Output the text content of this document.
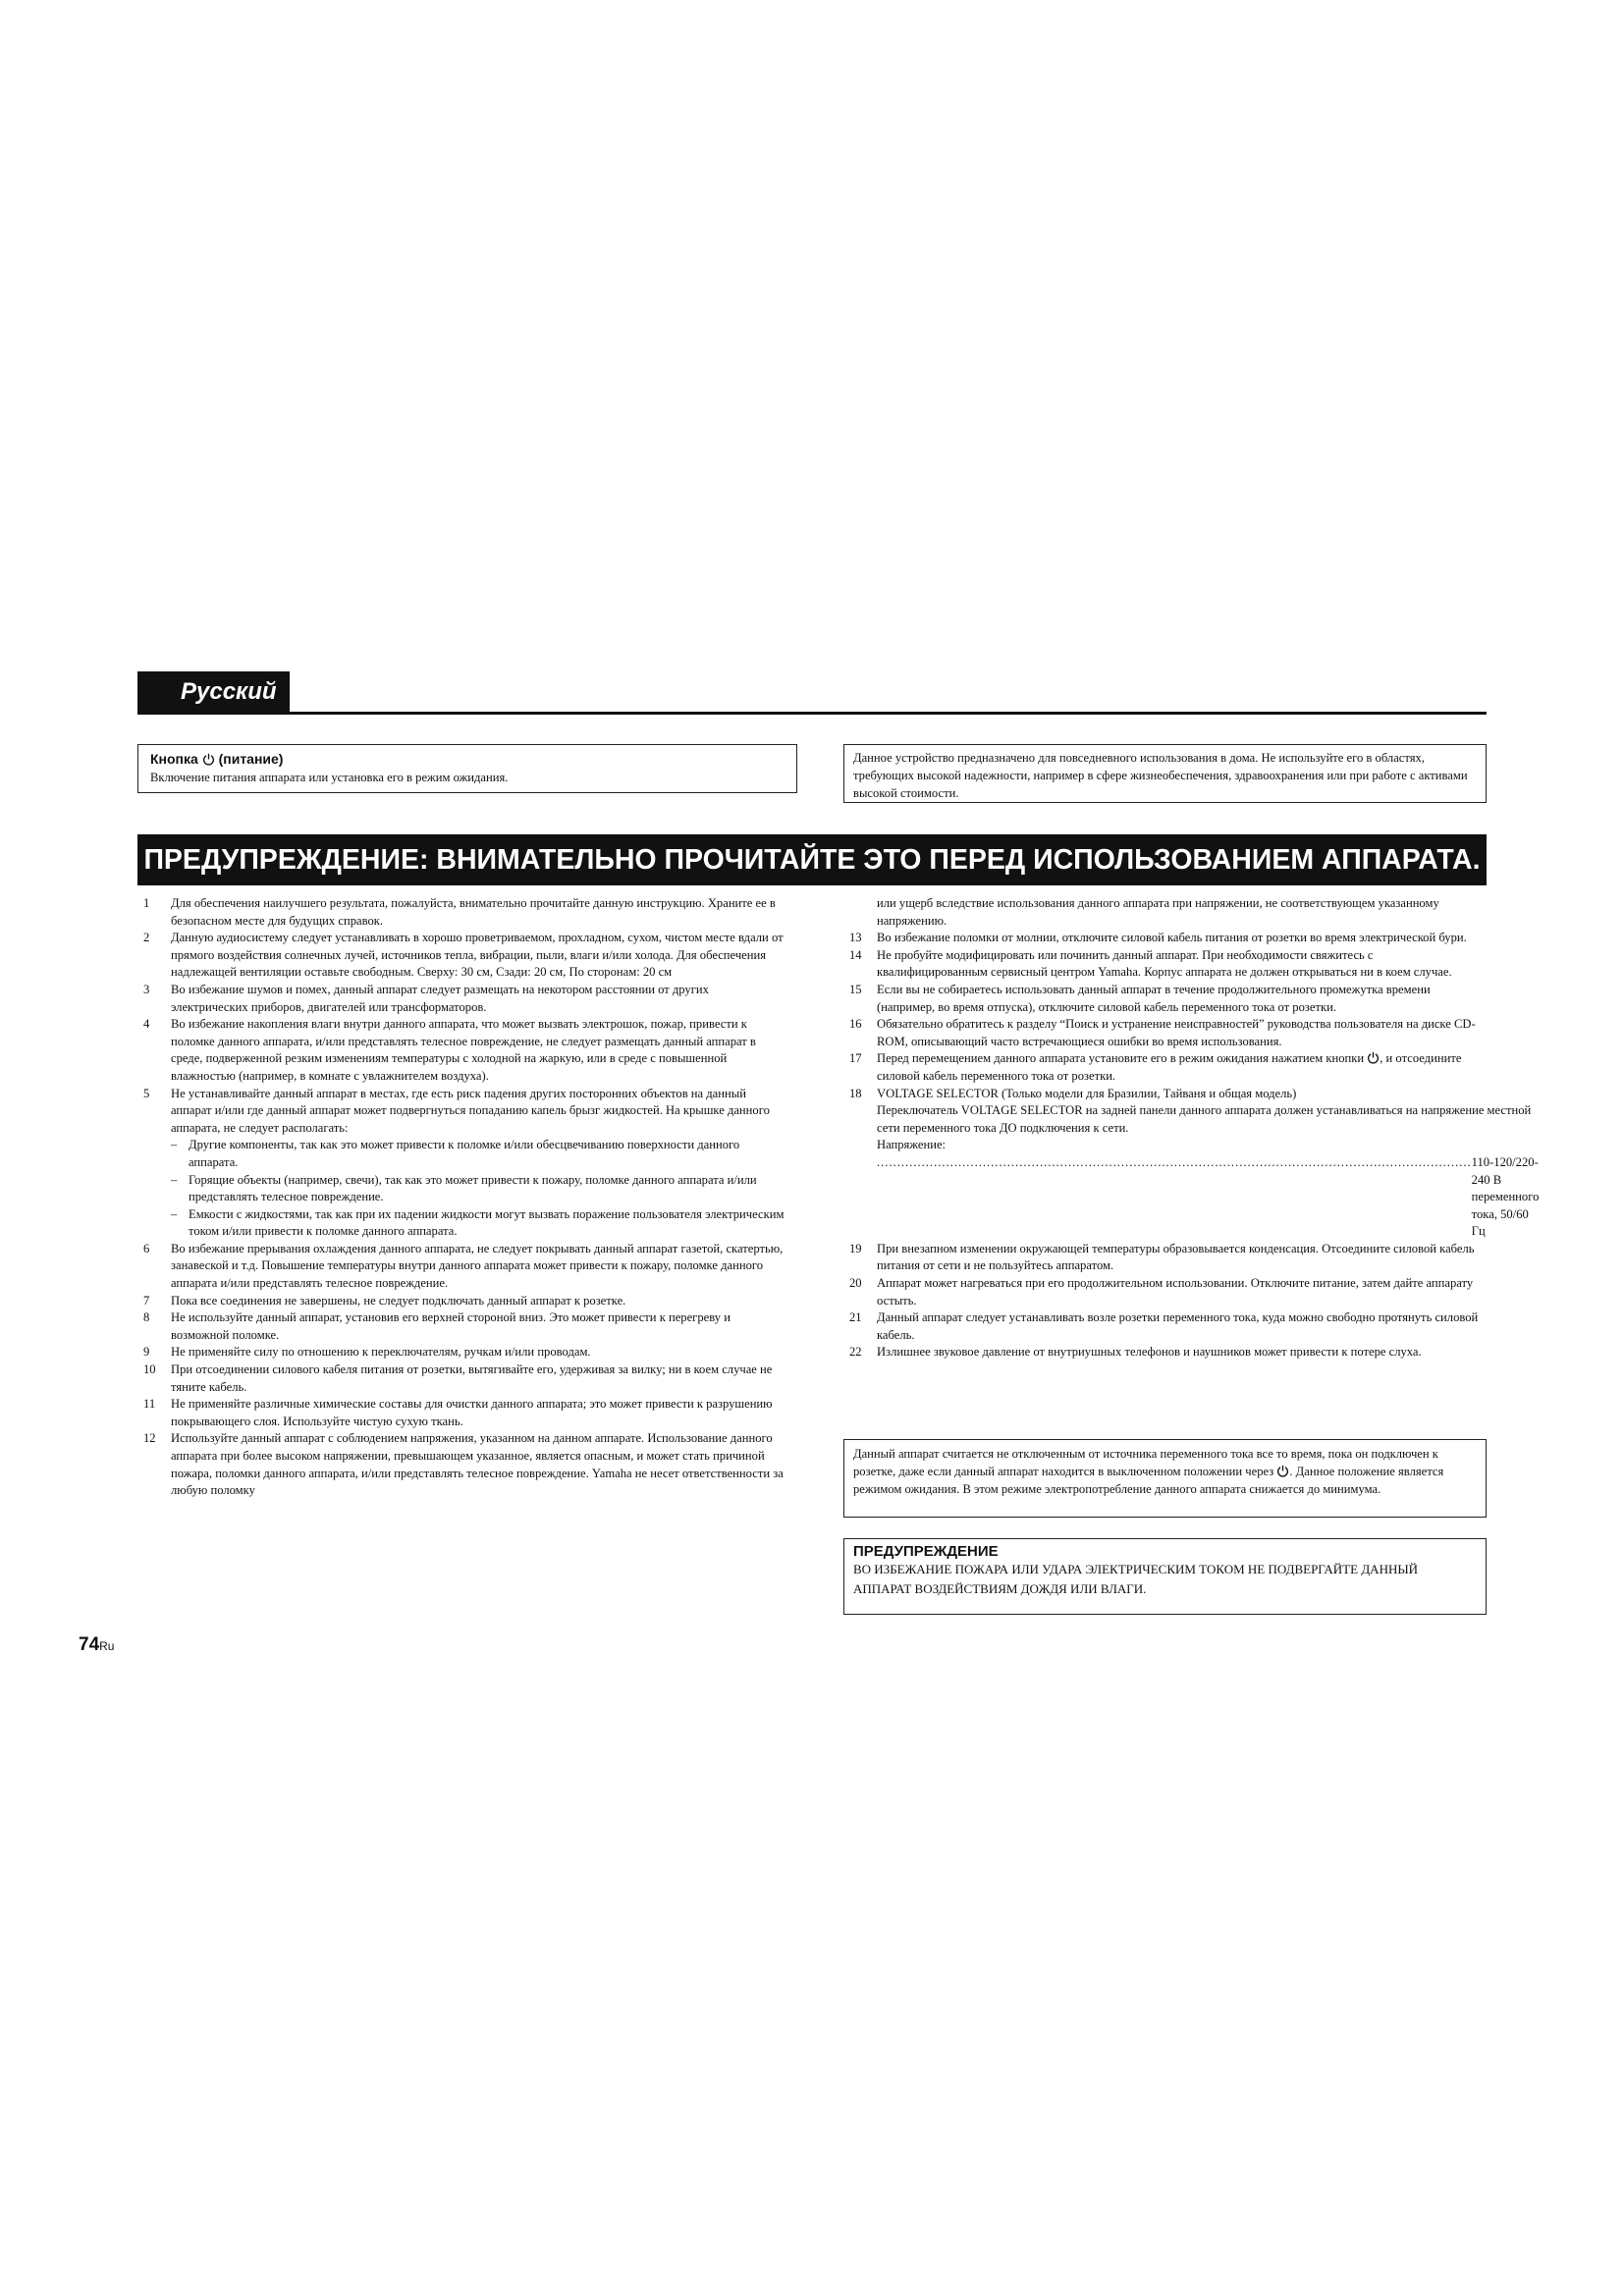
Русский
Кнопка (питание)
Включение питания аппарата или установка его в режим ожидания.
Данное устройство предназначено для повседневного использования в дома. Не используйте его в областях, требующих высокой надежности, например в сфере жизнеобеспечения, здравоохранения или при работе с активами высокой стоимости.
ПРЕДУПРЕЖДЕНИЕ: ВНИМАТЕЛЬНО ПРОЧИТАЙТЕ ЭТО ПЕРЕД ИСПОЛЬЗОВАНИЕМ АППАРАТА.
1	Для обеспечения наилучшего результата, пожалуйста, внимательно прочитайте данную инструкцию. Храните ее в безопасном месте для будущих справок.
2	Данную аудиосистему следует устанавливать в хорошо проветриваемом, прохладном, сухом, чистом месте вдали от прямого воздействия солнечных лучей, источников тепла, вибрации, пыли, влаги и/или холода. Для обеспечения надлежащей вентиляции оставьте свободным. Сверху: 30 см, Сзади: 20 см, По сторонам: 20 см
3	Во избежание шумов и помех, данный аппарат следует размещать на некотором расстоянии от других электрических приборов, двигателей или трансформаторов.
4	Во избежание накопления влаги внутри данного аппарата, что может вызвать электрошок, пожар, привести к поломке данного аппарата, и/или представлять телесное повреждение, не следует размещать данный аппарат в среде, подверженной резким изменениям температуры с холодной на жаркую, или в среде с повышенной влажностью (например, в комнате с увлажнителем воздуха).
5	Не устанавливайте данный аппарат в местах, где есть риск падения других посторонних объектов на данный аппарат и/или где данный аппарат может подвергнуться попаданию капель брызг жидкостей. На крышке данного аппарата, не следует располагать:
– Другие компоненты, так как это может привести к поломке и/или обесцвечиванию поверхности данного аппарата.
– Горящие объекты (например, свечи), так как это может привести к пожару, поломке данного аппарата и/или представлять телесное повреждение.
– Емкости с жидкостями, так как при их падении жидкости могут вызвать поражение пользователя электрическим током и/или привести к поломке данного аппарата.
6	Во избежание прерывания охлаждения данного аппарата, не следует покрывать данный аппарат газетой, скатертью, занавеской и т.д. Повышение температуры внутри данного аппарата может привести к пожару, поломке данного аппарата и/или представлять телесное повреждение.
7	Пока все соединения не завершены, не следует подключать данный аппарат к розетке.
8	Не используйте данный аппарат, установив его верхней стороной вниз. Это может привести к перегреву и возможной поломке.
9	Не применяйте силу по отношению к переключателям, ручкам и/или проводам.
10	При отсоединении силового кабеля питания от розетки, вытягивайте его, удерживая за вилку; ни в коем случае не тяните кабель.
11	Не применяйте различные химические составы для очистки данного аппарата; это может привести к разрушению покрывающего слоя. Используйте чистую сухую ткань.
12	Используйте данный аппарат с соблюдением напряжения, указанном на данном аппарате. Использование данного аппарата при более высоком напряжении, превышающем указанное, является опасным, и может стать причиной пожара, поломки данного аппарата, и/или представлять телесное повреждение. Yamaha не несет ответственности за любую поломку
или ущерб вследствие использования данного аппарата при напряжении, не соответствующем указанному напряжению.
13	Во избежание поломки от молнии, отключите силовой кабель питания от розетки во время электрической бури.
14	Не пробуйте модифицировать или починить данный аппарат. При необходимости свяжитесь с квалифицированным сервисный центром Yamaha. Корпус аппарата не должен открываться ни в коем случае.
15	Если вы не собираетесь использовать данный аппарат в течение продолжительного промежутка времени (например, во время отпуска), отключите силовой кабель переменного тока от розетки.
16	Обязательно обратитесь к разделу “Поиск и устранение неисправностей” руководства пользователя на диске CD-ROM, описывающий часто встречающиеся ошибки во время использования.
17	Перед перемещением данного аппарата установите его в режим ожидания нажатием кнопки , и отсоедините силовой кабель переменного тока от розетки.
18	VOLTAGE SELECTOR (Только модели для Бразилии, Тайваня и общая модель)
Переключатель VOLTAGE SELECTOR на задней панели данного аппарата должен устанавливаться на напряжение местной сети переменного тока ДО подключения к сети.
Напряжение:
.................................................................................................................................................. 110-120/220-240 В переменного тока, 50/60 Гц
19	При внезапном изменении окружающей температуры образовывается конденсация. Отсоедините силовой кабель питания от сети и не пользуйтесь аппаратом.
20	Аппарат может нагреваться при его продолжительном использовании. Отключите питание, затем дайте аппарату остыть.
21	Данный аппарат следует устанавливать возле розетки переменного тока, куда можно свободно протянуть силовой кабель.
22	Излишнее звуковое давление от внутриушных телефонов и наушников может привести к потере слуха.
Данный аппарат считается не отключенным от источника переменного тока все то время, пока он подключен к розетке, даже если данный аппарат находится в выключенном положении через . Данное положение является режимом ожидания. В этом режиме электропотребление данного аппарата снижается до минимума.
ПРЕДУПРЕЖДЕНИЕ
ВО ИЗБЕЖАНИЕ ПОЖАРА ИЛИ УДАРА ЭЛЕКТРИЧЕСКИМ ТОКОМ НЕ ПОДВЕРГАЙТЕ ДАННЫЙ АППАРАТ ВОЗДЕЙСТВИЯМ ДОЖДЯ ИЛИ ВЛАГИ.
74Ru
